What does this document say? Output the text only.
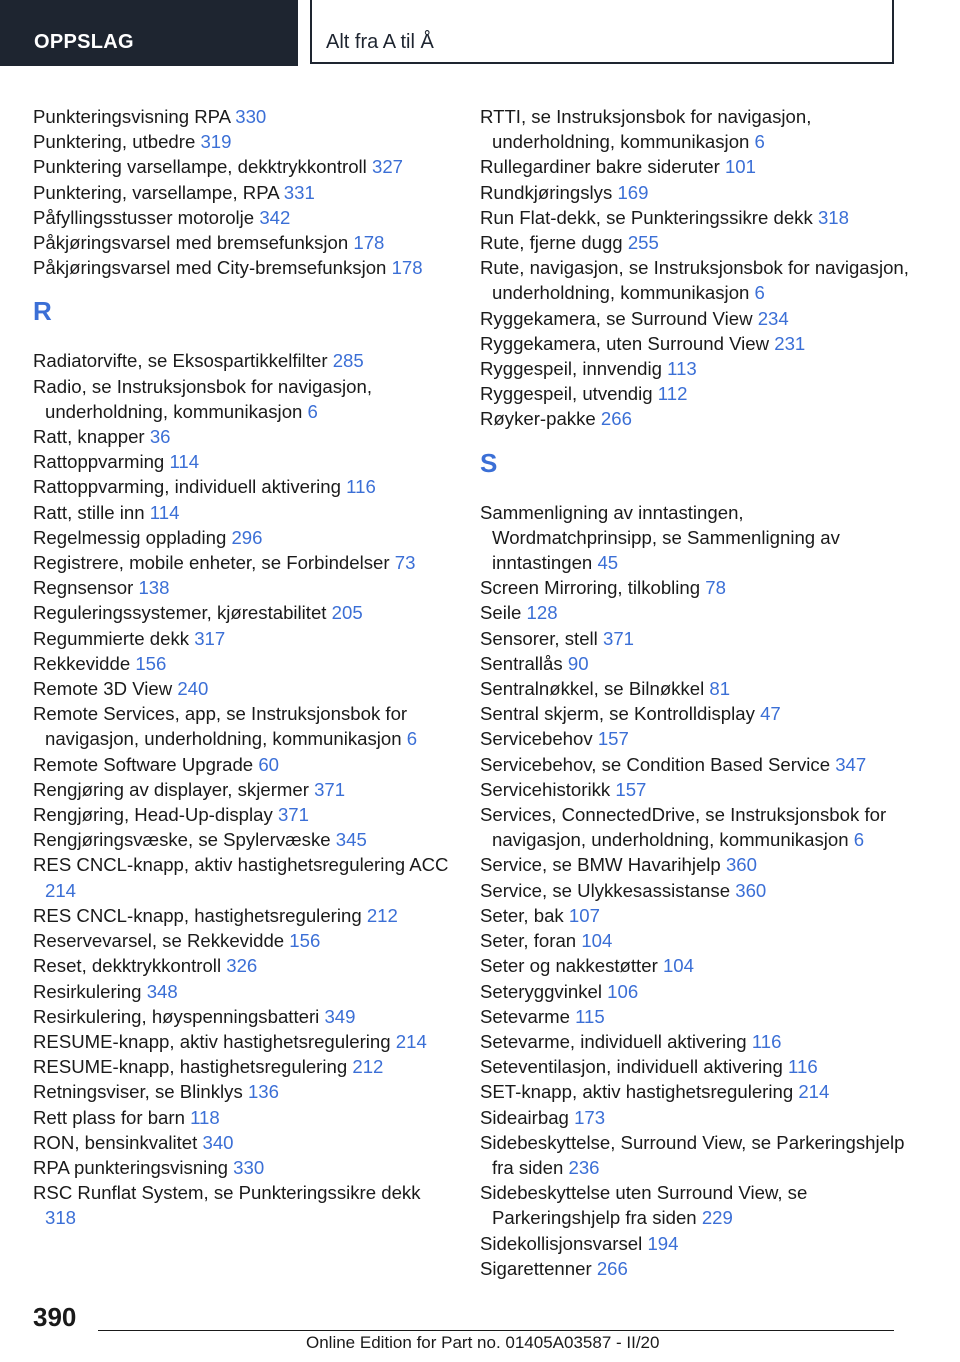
OPPSLAG	Alt fra A til Å
Punkteringsvisning RPA 330
Punktering, utbedre 319
Punktering varsellampe, dekktrykkontroll 327
Punktering, varsellampe, RPA 331
Påfyllingsstusser motorolje 342
Påkjøringsvarsel med bremsefunksjon 178
Påkjøringsvarsel med City-bremsefunksjon 178
R
Radiatorvifte, se Eksospartikkelfilter 285
Radio, se Instruksjonsbok for navigasjon, underholdning, kommunikasjon 6
Ratt, knapper 36
Rattoppvarming 114
Rattoppvarming, individuell aktivering 116
Ratt, stille inn 114
Regelmessig opplading 296
Registrere, mobile enheter, se Forbindelser 73
Regnsensor 138
Reguleringssystemer, kjørestabilitet 205
Regummierte dekk 317
Rekkevidde 156
Remote 3D View 240
Remote Services, app, se Instruksjonsbok for navigasjon, underholdning, kommunikasjon 6
Remote Software Upgrade 60
Rengjøring av displayer, skjermer 371
Rengjøring, Head-Up-display 371
Rengjøringsvæske, se Spylervæske 345
RES CNCL-knapp, aktiv hastighetsregulering ACC 214
RES CNCL-knapp, hastighetsregulering 212
Reservevarsel, se Rekkevidde 156
Reset, dekktrykkontroll 326
Resirkulering 348
Resirkulering, høyspenningsbatteri 349
RESUME-knapp, aktiv hastighetsregulering 214
RESUME-knapp, hastighetsregulering 212
Retningsviser, se Blinklys 136
Rett plass for barn 118
RON, bensinkvalitet 340
RPA punkteringsvisning 330
RSC Runflat System, se Punkteringssikre dekk 318
RTTI, se Instruksjonsbok for navigasjon, underholdning, kommunikasjon 6
Rullegardiner bakre sideruter 101
Rundkjøringslys 169
Run Flat-dekk, se Punkteringssikre dekk 318
Rute, fjerne dugg 255
Rute, navigasjon, se Instruksjonsbok for navigasjon, underholdning, kommunikasjon 6
Ryggekamera, se Surround View 234
Ryggekamera, uten Surround View 231
Ryggespeil, innvendig 113
Ryggespeil, utvendig 112
Røyker-pakke 266
S
Sammenligning av inntastingen, Wordmatchprinsipp, se Sammenligning av inntastingen 45
Screen Mirroring, tilkobling 78
Seile 128
Sensorer, stell 371
Sentrallås 90
Sentralnøkkel, se Bilnøkkel 81
Sentral skjerm, se Kontrolldisplay 47
Servicebehov 157
Servicebehov, se Condition Based Service 347
Servicehistorikk 157
Services, ConnectedDrive, se Instruksjonsbok for navigasjon, underholdning, kommunikasjon 6
Service, se BMW Havarihjelp 360
Service, se Ulykkesassistanse 360
Seter, bak 107
Seter, foran 104
Seter og nakkestøtter 104
Seteryggvinkel 106
Setevarme 115
Setevarme, individuell aktivering 116
Seteventilasjon, individuell aktivering 116
SET-knapp, aktiv hastighetsregulering 214
Sideairbag 173
Sidebeskyttelse, Surround View, se Parkeringshjelp fra siden 236
Sidebeskyttelse uten Surround View, se Parkeringshjelp fra siden 229
Sidekollisjonsvarsel 194
Sigarettenner 266
390
Online Edition for Part no. 01405A03587 - II/20
